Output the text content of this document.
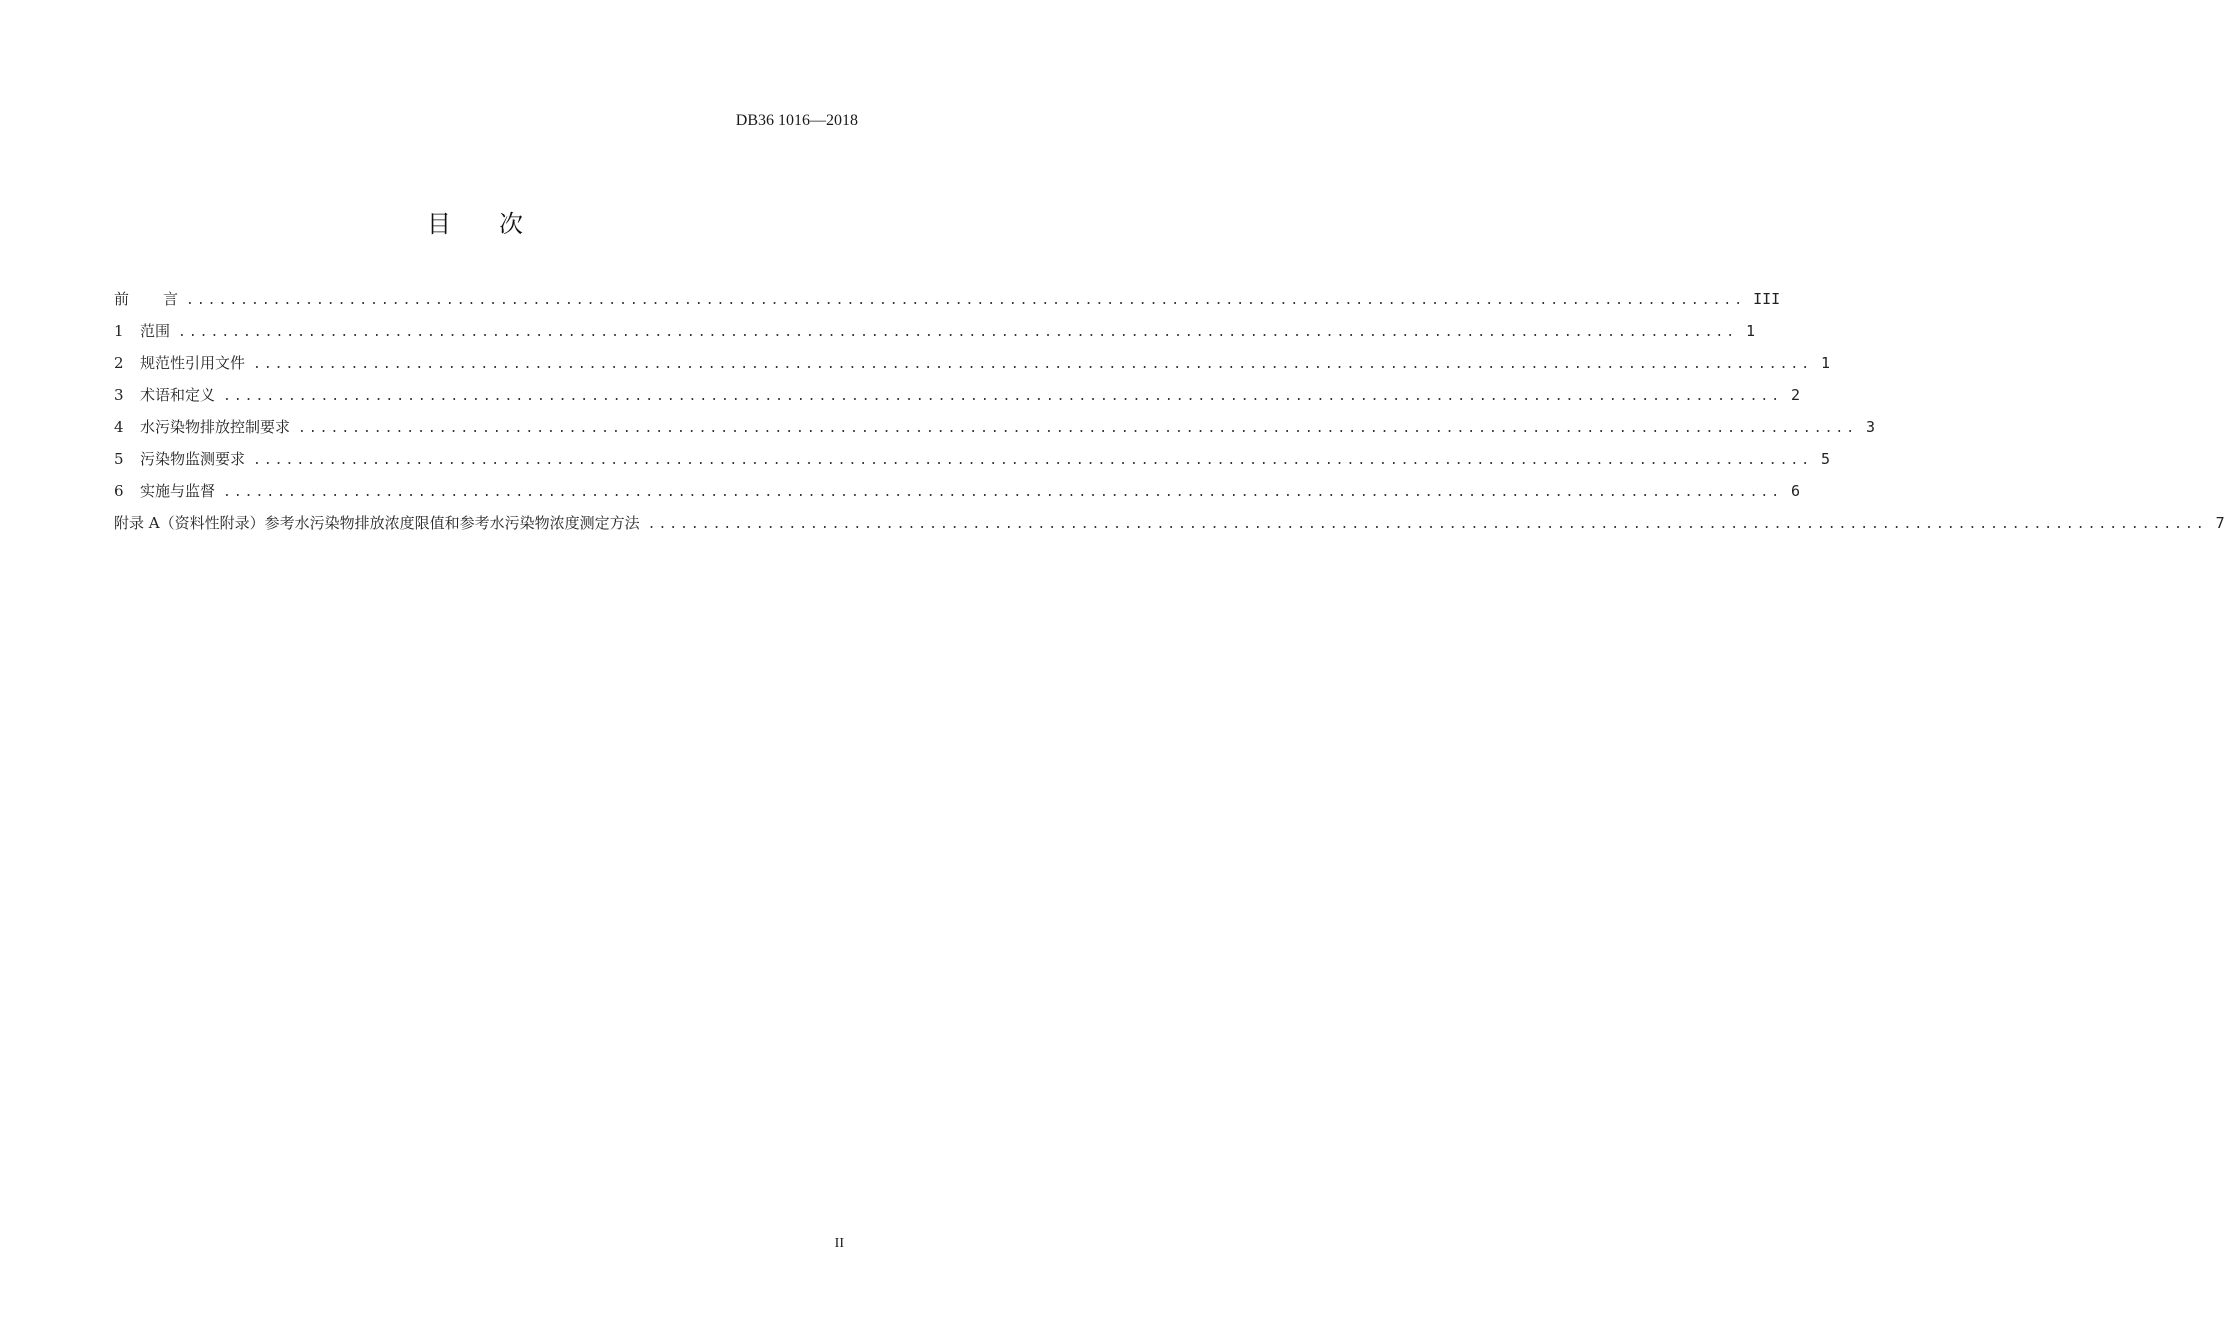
DB36 1016—2018
目次
前 言 ................................................................................................................................................ III
1	范围 ................................................................................................................................................ 1
2	规范性引用文件 ................................................................................................................................................ 1
3	术语和定义 ................................................................................................................................................ 2
4	水污染物排放控制要求 ................................................................................................................................................ 3
5	污染物监测要求 ................................................................................................................................................ 5
6	实施与监督 ................................................................................................................................................ 6
附录 A（资料性附录） 参考水污染物排放浓度限值和参考水污染物浓度测定方法 ................................................................................................................................................ 7
II
